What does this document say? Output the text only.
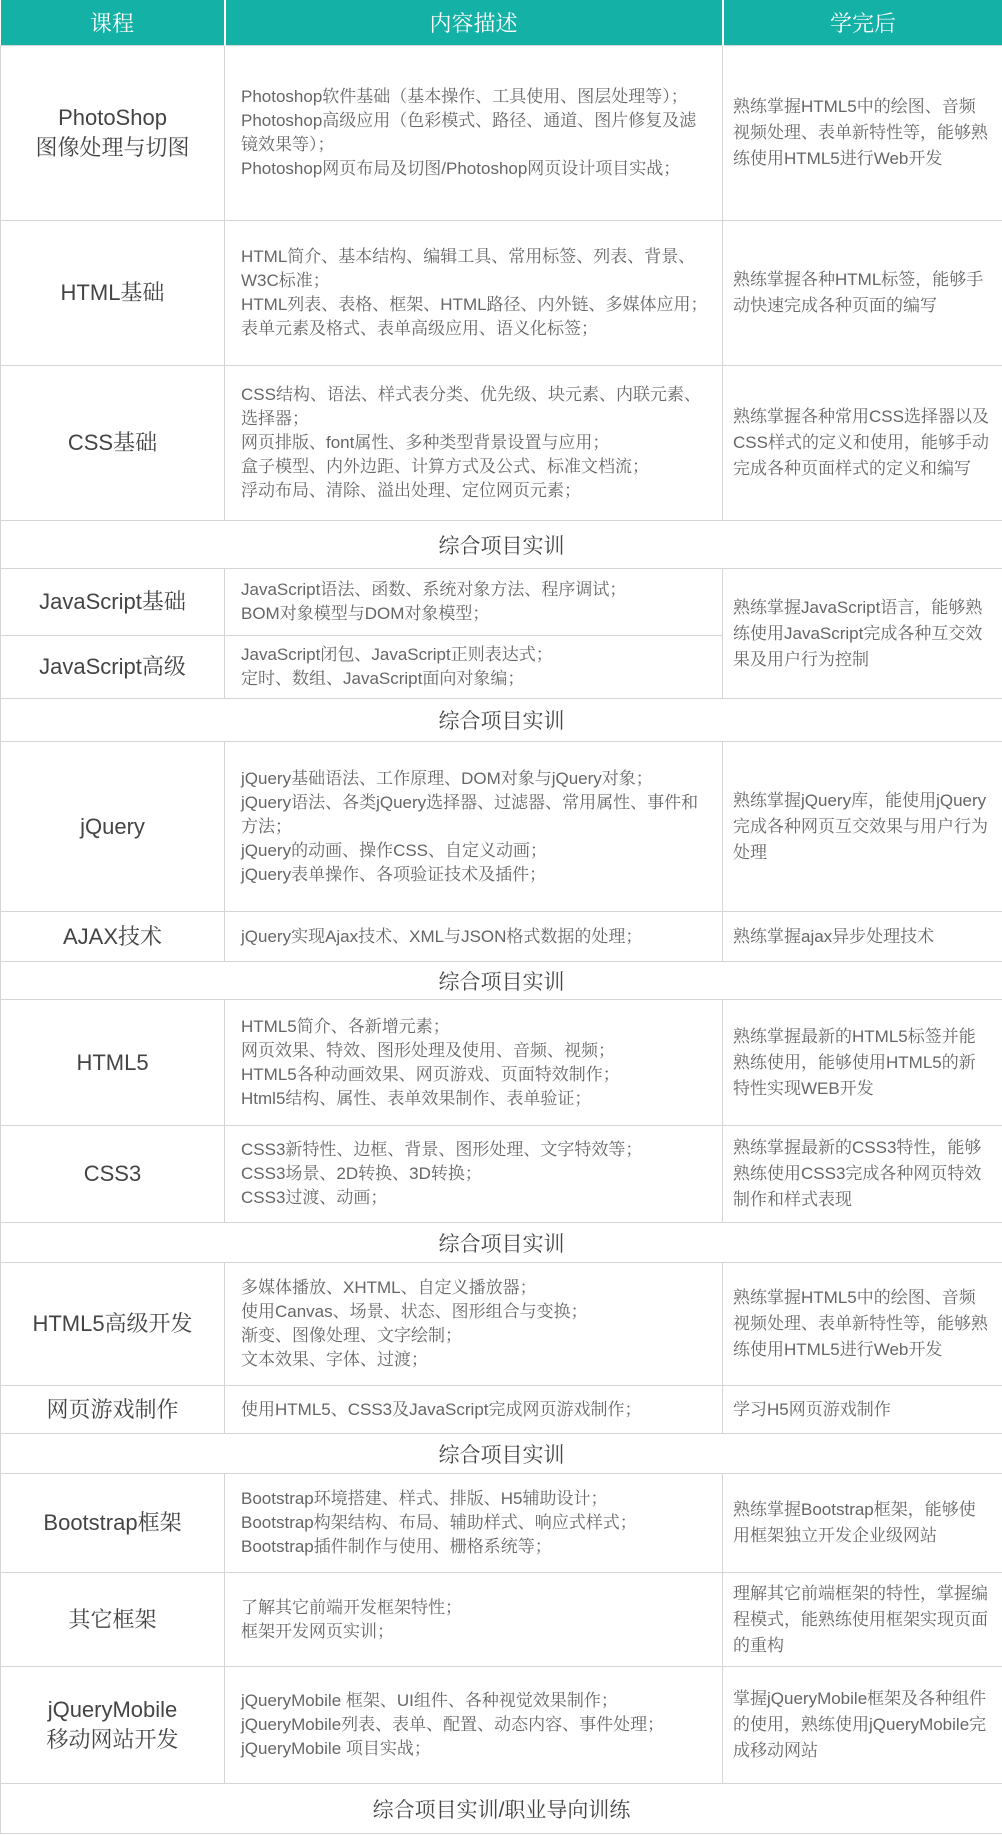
课程	内容描述	学完后

PhotoShop
图像处理与切图	Photoshop软件基础（基本操作、工具使用、图层处理等）；
Photoshop高级应用（色彩模式、路径、通道、图片修复及滤镜效果等）；
Photoshop网页布局及切图/Photoshop网页设计项目实战；	熟练掌握HTML5中的绘图、音频视频处理、表单新特性等，能够熟练使用HTML5进行Web开发

HTML基础	HTML简介、基本结构、编辑工具、常用标签、列表、背景、W3C标准；
HTML列表、表格、框架、HTML路径、内外链、多媒体应用；
表单元素及格式、表单高级应用、语义化标签；	熟练掌握各种HTML标签，能够手动快速完成各种页面的编写

CSS基础	CSS结构、语法、样式表分类、优先级、块元素、内联元素、选择器；
网页排版、font属性、多种类型背景设置与应用；
盒子模型、内外边距、计算方式及公式、标准文档流；
浮动布局、清除、溢出处理、定位网页元素；	熟练掌握各种常用CSS选择器以及CSS样式的定义和使用，能够手动完成各种页面样式的定义和编写
综合项目实训		

JavaScript基础	JavaScript语法、函数、系统对象方法、程序调试；
BOM对象模型与DOM对象模型；	熟练掌握JavaScript语言，能够熟练使用JavaScript完成各种互交效果及用户行为控制

JavaScript高级	JavaScript闭包、JavaScript正则表达式；
定时、数组、JavaScript面向对象编；	

综合项目实训		

jQuery	jQuery基础语法、工作原理、DOM对象与jQuery对象；
jQuery语法、各类jQuery选择器、过滤器、常用属性、事件和方法；
jQuery的动画、操作CSS、自定义动画；
jQuery表单操作、各项验证技术及插件；	熟练掌握jQuery库，能使用jQuery完成各种网页互交效果与用户行为处理

AJAX技术	jQuery实现Ajax技术、XML与JSON格式数据的处理；	熟练掌握ajax异步处理技术
综合项目实训		

HTML5	HTML5简介、各新增元素；
网页效果、特效、图形处理及使用、音频、视频；
HTML5各种动画效果、网页游戏、页面特效制作；
Html5结构、属性、表单效果制作、表单验证；	熟练掌握最新的HTML5标签并能熟练使用，能够使用HTML5的新特性实现WEB开发

CSS3	CSS3新特性、边框、背景、图形处理、文字特效等；
CSS3场景、2D转换、3D转换；
CSS3过渡、动画；	熟练掌握最新的CSS3特性，能够熟练使用CSS3完成各种网页特效制作和样式表现
综合项目实训		

HTML5高级开发	多媒体播放、XHTML、自定义播放器；
使用Canvas、场景、状态、图形组合与变换；
渐变、图像处理、文字绘制；
文本效果、字体、过渡；	熟练掌握HTML5中的绘图、音频视频处理、表单新特性等，能够熟练使用HTML5进行Web开发

网页游戏制作	使用HTML5、CSS3及JavaScript完成网页游戏制作；	学习H5网页游戏制作
综合项目实训		

Bootstrap框架	Bootstrap环境搭建、样式、排版、H5辅助设计；
Bootstrap构架结构、布局、辅助样式、响应式样式；
Bootstrap插件制作与使用、栅格系统等；	熟练掌握Bootstrap框架，能够使用框架独立开发企业级网站

其它框架	了解其它前端开发框架特性；
框架开发网页实训；	理解其它前端框架的特性，掌握编程模式，能熟练使用框架实现页面的重构

jQueryMobile
移动网站开发	jQueryMobile 框架、UI组件、各种视觉效果制作；
jQueryMobile列表、表单、配置、动态内容、事件处理；
jQueryMobile 项目实战；	掌握jQueryMobile框架及各种组件的使用，熟练使用jQueryMobile完成移动网站
综合项目实训/职业导向训练		
